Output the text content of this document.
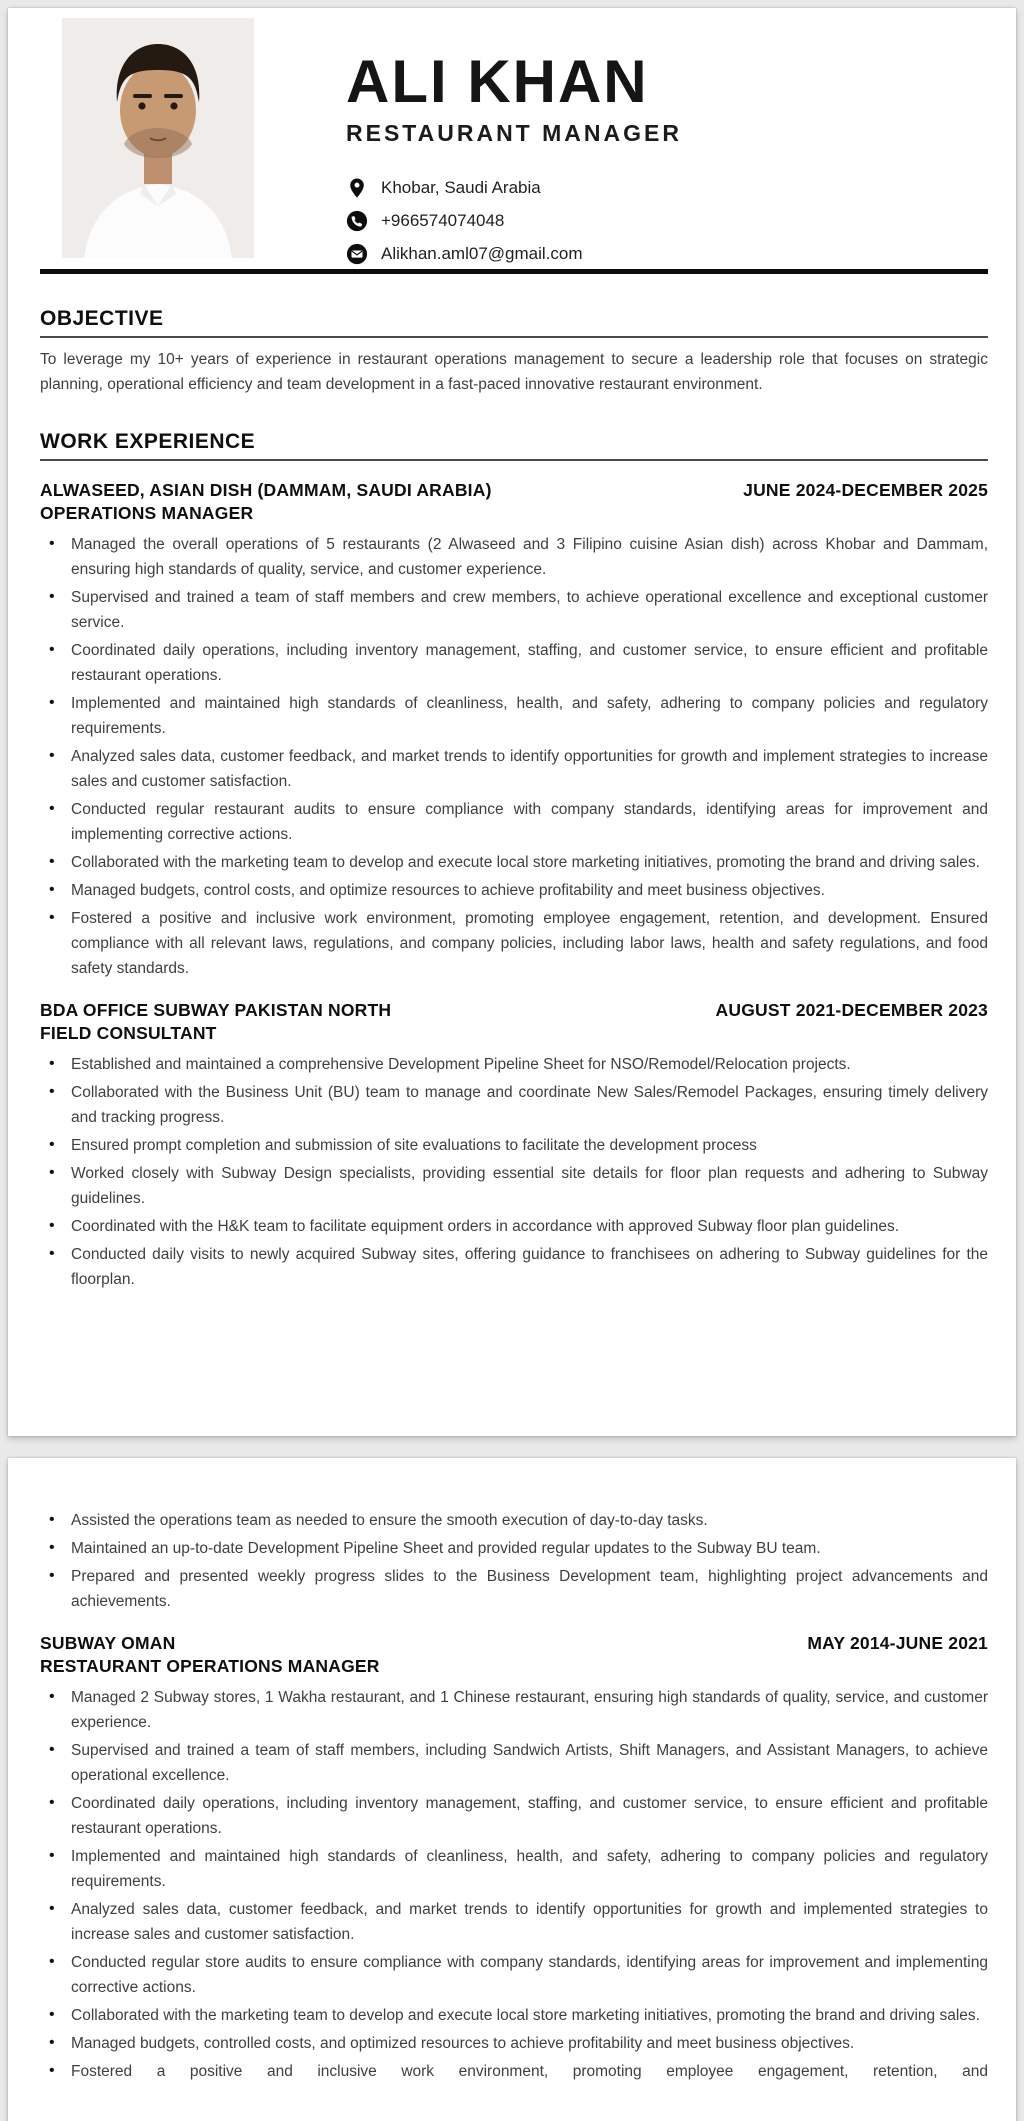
ALI KHAN
RESTAURANT MANAGER
Khobar, Saudi Arabia
+966574074048
Alikhan.aml07@gmail.com
OBJECTIVE

To leverage my 10+ years of experience in restaurant operations management to secure a leadership role that focuses on strategic planning, operational efficiency and team development in a fast-paced innovative restaurant environment.

WORK EXPERIENCE
ALWASEED, ASIAN DISH (DAMMAM, SAUDI ARABIA)	JUNE 2024-DECEMBER 2025
OPERATIONS MANAGER
• Managed the overall operations of 5 restaurants (2 Alwaseed and 3 Filipino cuisine Asian dish) across Khobar and Dammam, ensuring high standards of quality, service, and customer experience.
• Supervised and trained a team of staff members and crew members, to achieve operational excellence and exceptional customer service.
• Coordinated daily operations, including inventory management, staffing, and customer service, to ensure efficient and profitable restaurant operations.
• Implemented and maintained high standards of cleanliness, health, and safety, adhering to company policies and regulatory requirements.
• Analyzed sales data, customer feedback, and market trends to identify opportunities for growth and implement strategies to increase sales and customer satisfaction.
• Conducted regular restaurant audits to ensure compliance with company standards, identifying areas for improvement and implementing corrective actions.
• Collaborated with the marketing team to develop and execute local store marketing initiatives, promoting the brand and driving sales.
• Managed budgets, control costs, and optimize resources to achieve profitability and meet business objectives.
• Fostered a positive and inclusive work environment, promoting employee engagement, retention, and development. Ensured compliance with all relevant laws, regulations, and company policies, including labor laws, health and safety regulations, and food safety standards.
BDA OFFICE SUBWAY PAKISTAN NORTH	AUGUST 2021-DECEMBER 2023
FIELD CONSULTANT
• Established and maintained a comprehensive Development Pipeline Sheet for NSO/Remodel/Relocation projects.
• Collaborated with the Business Unit (BU) team to manage and coordinate New Sales/Remodel Packages, ensuring timely delivery and tracking progress.
• Ensured prompt completion and submission of site evaluations to facilitate the development process
• Worked closely with Subway Design specialists, providing essential site details for floor plan requests and adhering to Subway guidelines.
• Coordinated with the H&K team to facilitate equipment orders in accordance with approved Subway floor plan guidelines.
• Conducted daily visits to newly acquired Subway sites, offering guidance to franchisees on adhering to Subway guidelines for the floorplan.
• Assisted the operations team as needed to ensure the smooth execution of day-to-day tasks.
• Maintained an up-to-date Development Pipeline Sheet and provided regular updates to the Subway BU team.
• Prepared and presented weekly progress slides to the Business Development team, highlighting project advancements and achievements.
SUBWAY OMAN	MAY 2014-JUNE 2021
RESTAURANT OPERATIONS MANAGER
• Managed 2 Subway stores, 1 Wakha restaurant, and 1 Chinese restaurant, ensuring high standards of quality, service, and customer experience.
• Supervised and trained a team of staff members, including Sandwich Artists, Shift Managers, and Assistant Managers, to achieve operational excellence.
• Coordinated daily operations, including inventory management, staffing, and customer service, to ensure efficient and profitable restaurant operations.
• Implemented and maintained high standards of cleanliness, health, and safety, adhering to company policies and regulatory requirements.
• Analyzed sales data, customer feedback, and market trends to identify opportunities for growth and implemented strategies to increase sales and customer satisfaction.
• Conducted regular store audits to ensure compliance with company standards, identifying areas for improvement and implementing corrective actions.
• Collaborated with the marketing team to develop and execute local store marketing initiatives, promoting the brand and driving sales.
• Managed budgets, controlled costs, and optimized resources to achieve profitability and meet business objectives.
• Fostered a positive and inclusive work environment, promoting employee engagement, retention, and
